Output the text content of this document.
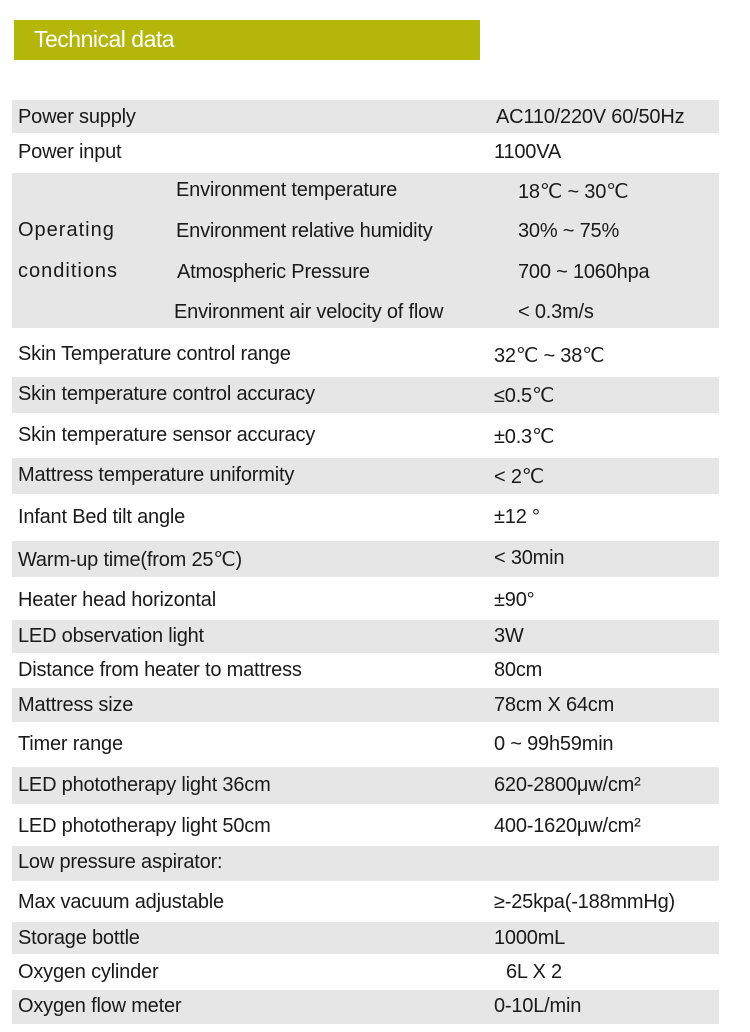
Technical data
Power supply	AC110/220V 60/50Hz
Power input	1100VA
Operating
conditions
Environment temperature	18℃ ~ 30℃
Environment relative humidity	30% ~ 75%
Atmospheric Pressure	700 ~ 1060hpa
Environment air velocity of flow	< 0.3m/s
Skin Temperature control range	32℃ ~ 38℃
Skin temperature control accuracy	≤0.5℃
Skin temperature sensor accuracy	±0.3℃
Mattress temperature uniformity	< 2℃
Infant Bed tilt angle	±12 °
Warm-up time(from 25℃)	< 30min
Heater head horizontal	±90°
LED observation light	3W
Distance from heater to mattress	80cm
Mattress size	78cm X 64cm
Timer range	0 ~ 99h59min
LED phototherapy light 36cm	620-2800μw/cm²
LED phototherapy light 50cm	400-1620μw/cm²
Low pressure aspirator:
Max vacuum adjustable	≥-25kpa(-188mmHg)
Storage bottle	1000mL
Oxygen cylinder	6L X 2
Oxygen flow meter	0-10L/min
